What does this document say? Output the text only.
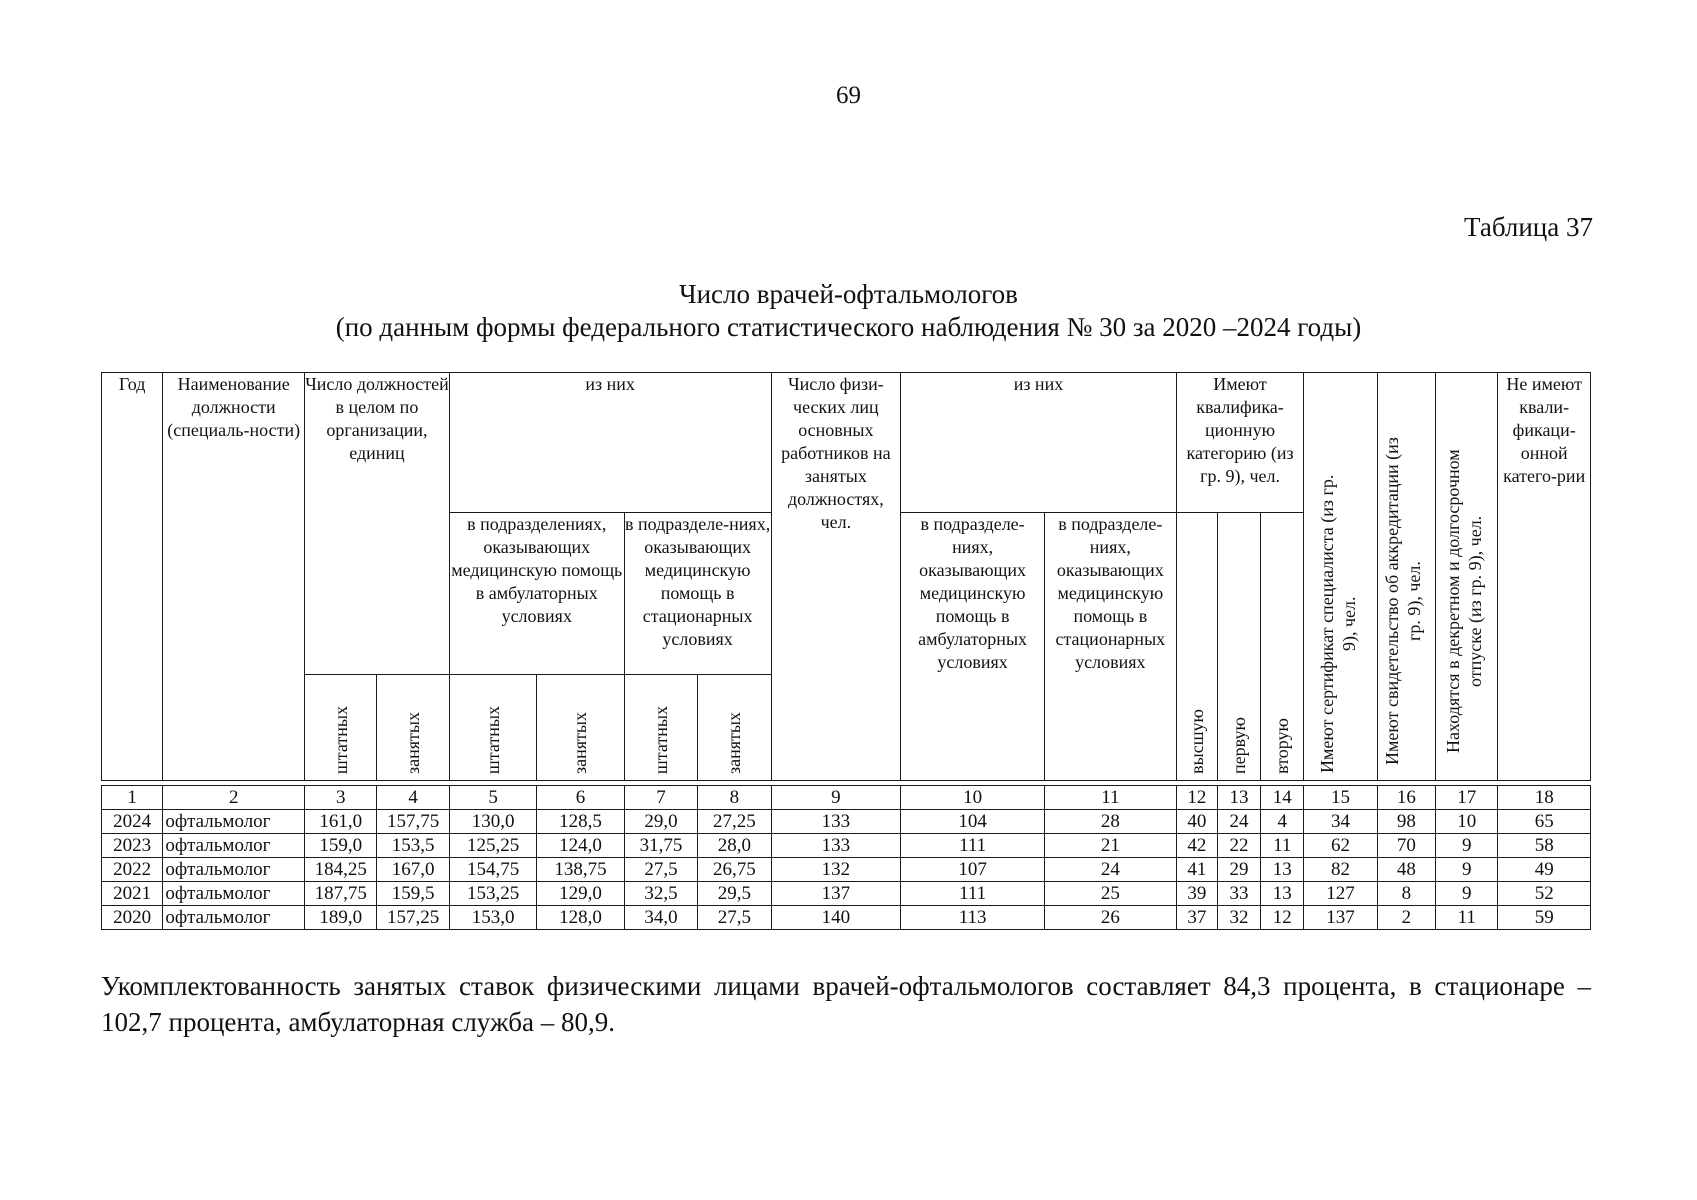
69
Таблица 37
Число врачей-офтальмологов
(по данным формы федерального статистического наблюдения № 30 за 2020 –2024 годы)
Год	Наименование должности (специаль-ности)	Число должностей в целом по организации, единиц		из них				Число физи-ческих лиц основных работников на занятых должностях, чел.	из них		Имеют квалифика-ционную категорию (из гр. 9), чел.			Имеют сертификат специалиста (из гр. 9), чел.	Имеют свидетельство об аккредитации (из гр. 9), чел.	Находятся в декретном и долгосрочном отпуске (из гр. 9), чел.	Не имеют квали-фикаци-онной катего-рии
				в подразделениях, оказывающих медицинскую помощь в амбулаторных условиях		в подразделе-ниях, оказывающих медицинскую помощь в стационарных условиях			в подразделе-ниях, оказывающих медицинскую помощь в амбулаторных условиях	в подразделе-ниях, оказывающих медицинскую помощь в стационарных условиях	высшую	первую	вторую				
		штатных	занятых	штатных	занятых	штатных	занятых										
1	2	3	4	5	6	7	8	9	10	11	12	13	14	15	16	17	18
2024	офтальмолог	161,0	157,75	130,0	128,5	29,0	27,25	133	104	28	40	24	4	34	98	10	65
2023	офтальмолог	159,0	153,5	125,25	124,0	31,75	28,0	133	111	21	42	22	11	62	70	9	58
2022	офтальмолог	184,25	167,0	154,75	138,75	27,5	26,75	132	107	24	41	29	13	82	48	9	49
2021	офтальмолог	187,75	159,5	153,25	129,0	32,5	29,5	137	111	25	39	33	13	127	8	9	52
2020	офтальмолог	189,0	157,25	153,0	128,0	34,0	27,5	140	113	26	37	32	12	137	2	11	59
Укомплектованность занятых ставок физическими лицами врачей-офтальмологов составляет 84,3 процента, в стационаре – 102,7 процента, амбулаторная служба – 80,9.
